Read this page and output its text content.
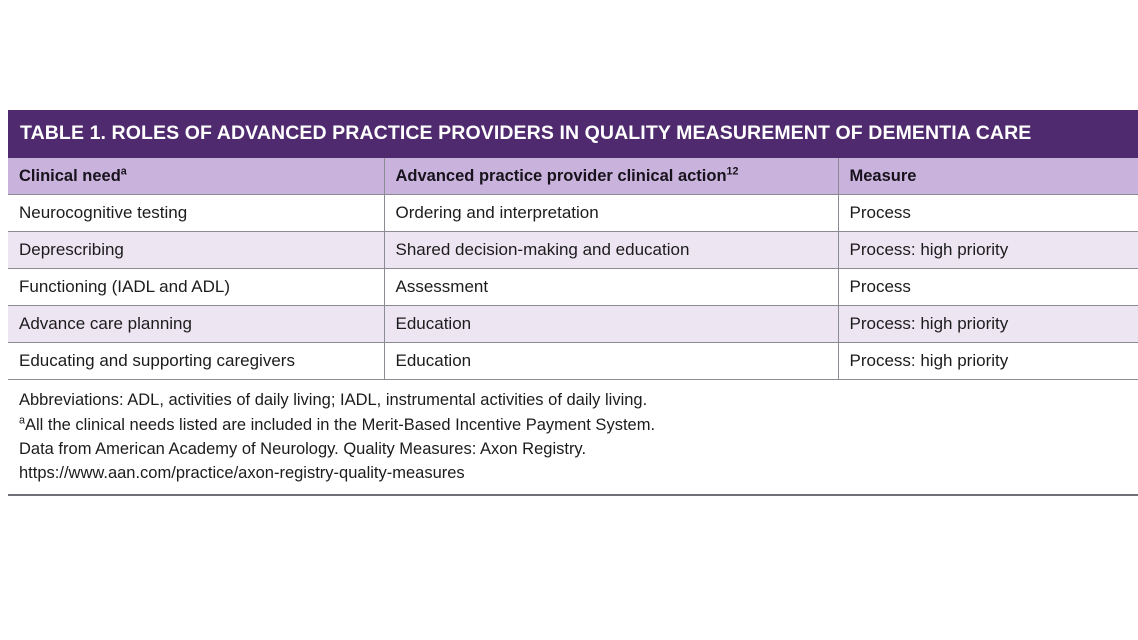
TABLE 1. ROLES OF ADVANCED PRACTICE PROVIDERS IN QUALITY MEASUREMENT OF DEMENTIA CARE
Clinical need$^a$	Advanced practice provider clinical action$^{12}$	Measure
Neurocognitive testing	Ordering and interpretation	Process
Deprescribing	Shared decision-making and education	Process: high priority
Functioning (IADL and ADL)	Assessment	Process
Advance care planning	Education	Process: high priority
Educating and supporting caregivers	Education	Process: high priority
Abbreviations: ADL, activities of daily living; IADL, instrumental activities of daily living.
$^a$All the clinical needs listed are included in the Merit-Based Incentive Payment System.
Data from American Academy of Neurology. Quality Measures: Axon Registry.
https://www.aan.com/practice/axon-registry-quality-measures
